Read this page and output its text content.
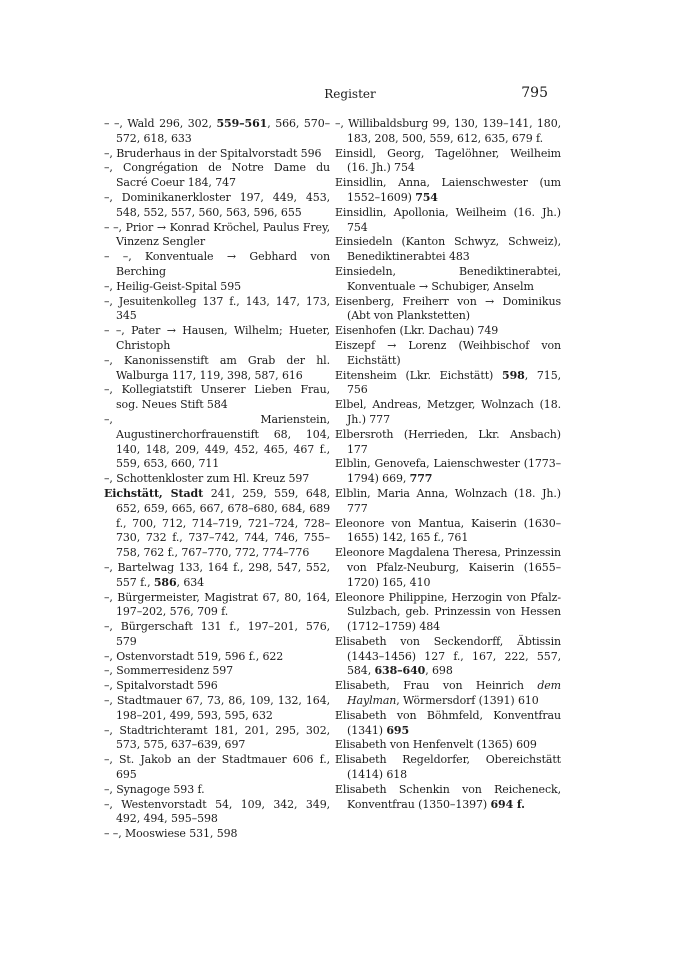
Register	795
– –, Wald 296, 302, 559–561, 566, 570–572, 618, 633
–, Bruderhaus in der Spitalvorstadt 596
–, Congrégation de Notre Dame du Sacré Coeur 184, 747
–, Dominikanerkloster 197, 449, 453, 548, 552, 557, 560, 563, 596, 655
– –, Prior → Konrad Kröchel, Paulus Frey, Vinzenz Sengler
– –, Konventuale → Gebhard von Berching
–, Heilig-Geist-Spital 595
–, Jesuitenkolleg 137 f., 143, 147, 173, 345
– –, Pater → Hausen, Wilhelm; Hueter, Christoph
–, Kanonissenstift am Grab der hl. Walburga 117, 119, 398, 587, 616
–, Kollegiatstift Unserer Lieben Frau, sog. Neues Stift 584
–, Marienstein, Augustinerchorfrauenstift 68, 104, 140, 148, 209, 449, 452, 465, 467 f., 559, 653, 660, 711
–, Schottenkloster zum Hl. Kreuz 597
Eichstätt, Stadt 241, 259, 559, 648, 652, 659, 665, 667, 678–680, 684, 689 f., 700, 712, 714–719, 721–724, 728–730, 732 f., 737–742, 744, 746, 755–758, 762 f., 767–770, 772, 774–776
–, Bartelwag 133, 164 f., 298, 547, 552, 557 f., 586, 634
–, Bürgermeister, Magistrat 67, 80, 164, 197–202, 576, 709 f.
–, Bürgerschaft 131 f., 197–201, 576, 579
–, Ostenvorstadt 519, 596 f., 622
–, Sommerresidenz 597
–, Spitalvorstadt 596
–, Stadtmauer 67, 73, 86, 109, 132, 164, 198–201, 499, 593, 595, 632
–, Stadtrichteramt 181, 201, 295, 302, 573, 575, 637–639, 697
–, St. Jakob an der Stadtmauer 606 f., 695
–, Synagoge 593 f.
–, Westenvorstadt 54, 109, 342, 349, 492, 494, 595–598
– –, Mooswiese 531, 598
–, Willibaldsburg 99, 130, 139–141, 180, 183, 208, 500, 559, 612, 635, 679 f.
Einsidl, Georg, Tagelöhner, Weilheim (16. Jh.) 754
Einsidlin, Anna, Laienschwester (um 1552–1609) 754
Einsidlin, Apollonia, Weilheim (16. Jh.) 754
Einsiedeln (Kanton Schwyz, Schweiz), Benediktinerabtei 483
Einsiedeln, Benediktinerabtei, Konventuale → Schubiger, Anselm
Eisenberg, Freiherr von → Dominikus (Abt von Plankstetten)
Eisenhofen (Lkr. Dachau) 749
Eiszepf → Lorenz (Weihbischof von Eichstätt)
Eitensheim (Lkr. Eichstätt) 598, 715, 756
Elbel, Andreas, Metzger, Wolnzach (18. Jh.) 777
Elbersroth (Herrieden, Lkr. Ansbach) 177
Elblin, Genovefa, Laienschwester (1773–1794) 669, 777
Elblin, Maria Anna, Wolnzach (18. Jh.) 777
Eleonore von Mantua, Kaiserin (1630–1655) 142, 165 f., 761
Eleonore Magdalena Theresa, Prinzessin von Pfalz-Neuburg, Kaiserin (1655–1720) 165, 410
Eleonore Philippine, Herzogin von Pfalz-Sulzbach, geb. Prinzessin von Hessen (1712–1759) 484
Elisabeth von Seckendorff, Äbtissin (1443–1456) 127 f., 167, 222, 557, 584, 638–640, 698
Elisabeth, Frau von Heinrich dem Haylman, Wörmersdorf (1391) 610
Elisabeth von Böhmfeld, Konventfrau (1341) 695
Elisabeth von Henfenvelt (1365) 609
Elisabeth Regeldorfer, Obereichstätt (1414) 618
Elisabeth Schenkin von Reicheneck, Konventfrau (1350–1397) 694 f.
